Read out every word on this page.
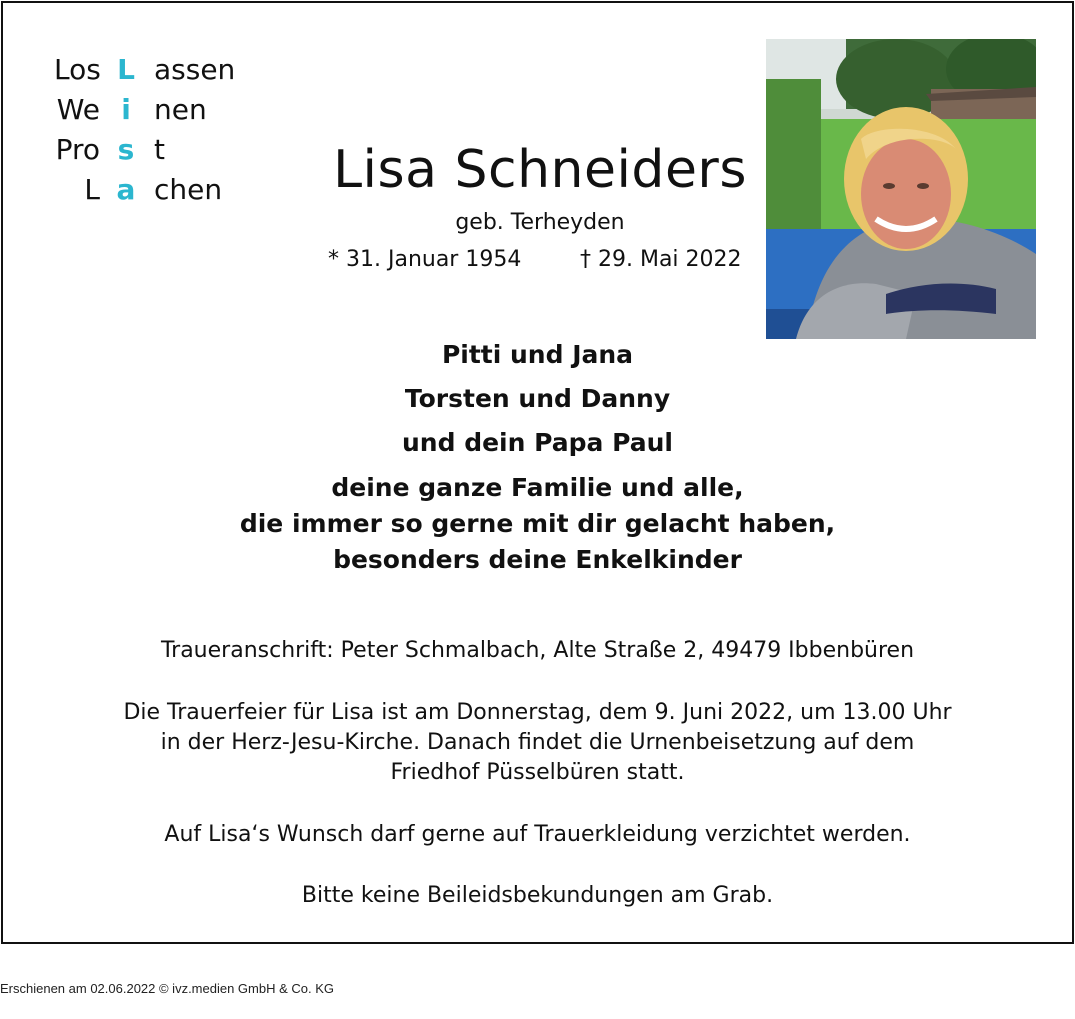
Los L assen
We i nen
Pro s t
L a chen	Lisa Schneiders
geb. Terheyden
* 31. Januar 1954	† 29. Mai 2022
Pitti und Jana
Torsten und Danny
und dein Papa Paul
deine ganze Familie und alle,
die immer so gerne mit dir gelacht haben,
besonders deine Enkelkinder
Traueranschrift: Peter Schmalbach, Alte Straße 2, 49479 Ibbenbüren
Die Trauerfeier für Lisa ist am Donnerstag, dem 9. Juni 2022, um 13.00 Uhr
in der Herz-Jesu-Kirche. Danach findet die Urnenbeisetzung auf dem
Friedhof Püsselbüren statt.
Auf Lisa‘s Wunsch darf gerne auf Trauerkleidung verzichtet werden.
Bitte keine Beileidsbekundungen am Grab.
Erschienen am 02.06.2022 © ivz.medien GmbH & Co. KG
